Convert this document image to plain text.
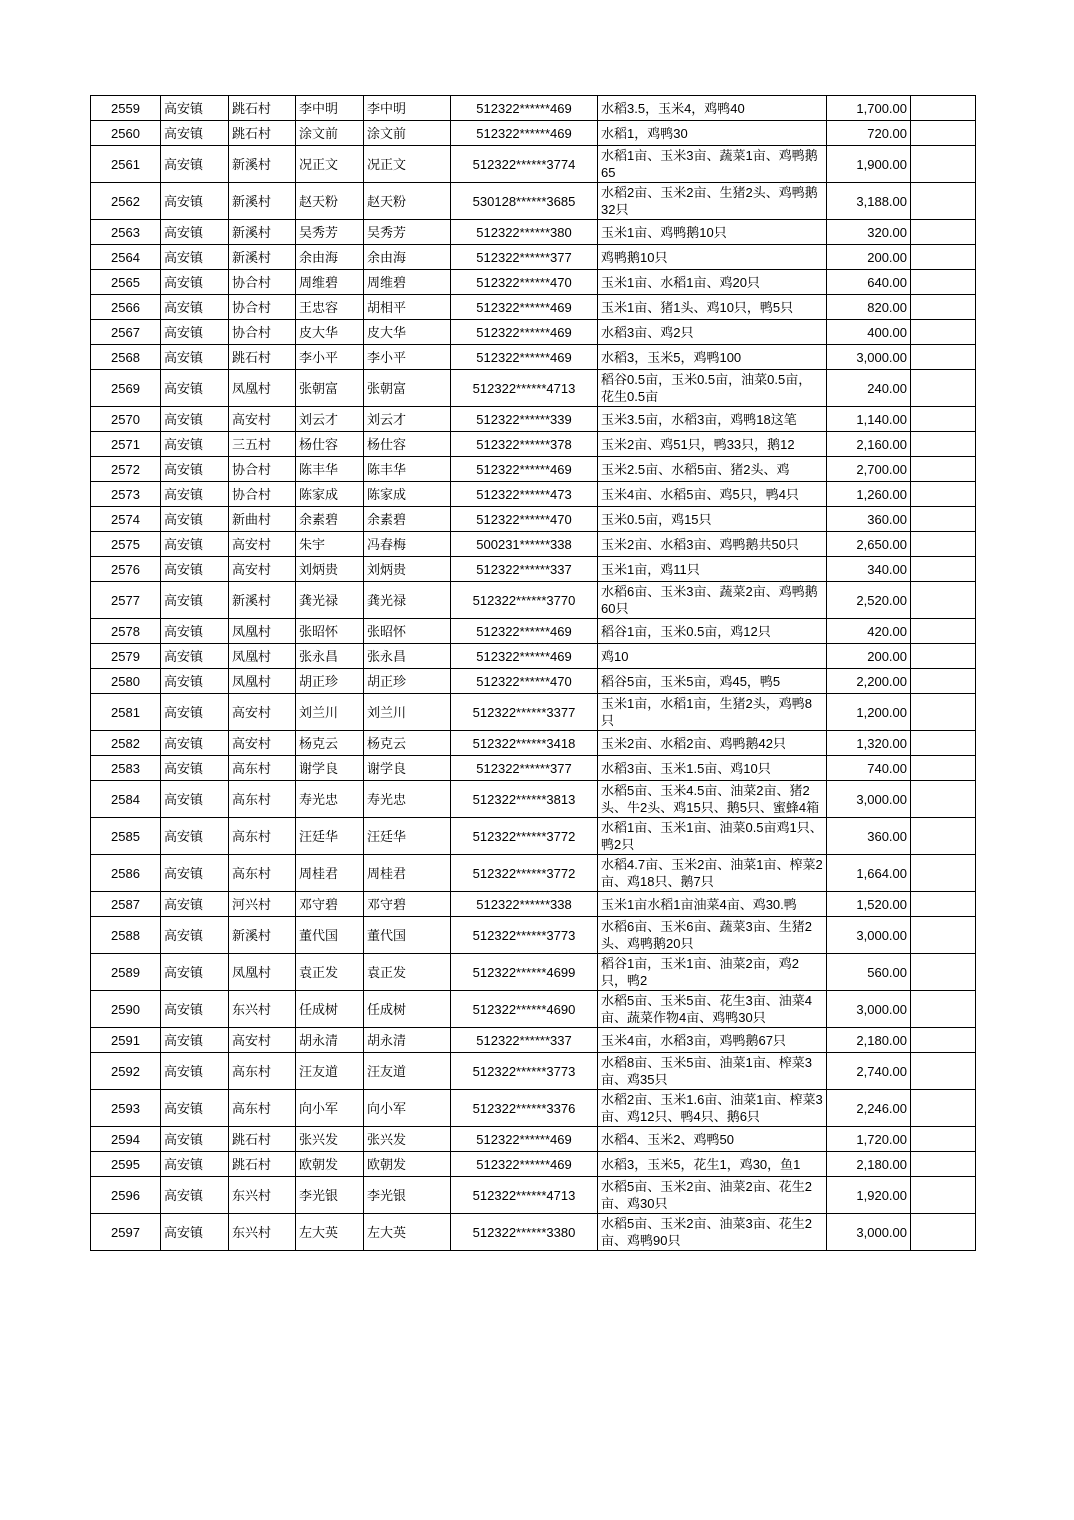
2559	高安镇	跳石村	李中明	李中明	512322******469	水稻3.5，玉米4，鸡鸭40	1,700.00	
2560	高安镇	跳石村	涂文前	涂文前	512322******469	水稻1，鸡鸭30	720.00	
2561	高安镇	新溪村	况正文	况正文	512322******3774	水稻1亩、玉米3亩、蔬菜1亩、鸡鸭鹅65	1,900.00	
2562	高安镇	新溪村	赵天粉	赵天粉	530128******3685	水稻2亩、玉米2亩、生猪2头、鸡鸭鹅32只	3,188.00	
2563	高安镇	新溪村	吴秀芳	吴秀芳	512322******380	玉米1亩、鸡鸭鹅10只	320.00	
2564	高安镇	新溪村	余由海	余由海	512322******377	鸡鸭鹅10只	200.00	
2565	高安镇	协合村	周维碧	周维碧	512322******470	玉米1亩、水稻1亩、鸡20只	640.00	
2566	高安镇	协合村	王忠容	胡相平	512322******469	玉米1亩、猪1头、鸡10只，鸭5只	820.00	
2567	高安镇	协合村	皮大华	皮大华	512322******469	水稻3亩、鸡2只	400.00	
2568	高安镇	跳石村	李小平	李小平	512322******469	水稻3，玉米5，鸡鸭100	3,000.00	
2569	高安镇	凤凰村	张朝富	张朝富	512322******4713	稻谷0.5亩，玉米0.5亩，油菜0.5亩，花生0.5亩	240.00	
2570	高安镇	高安村	刘云才	刘云才	512322******339	玉米3.5亩，水稻3亩，鸡鸭18这笔	1,140.00	
2571	高安镇	三五村	杨仕容	杨仕容	512322******378	玉米2亩、鸡51只，鸭33只，鹅12	2,160.00	
2572	高安镇	协合村	陈丰华	陈丰华	512322******469	玉米2.5亩、水稻5亩、猪2头、鸡	2,700.00	
2573	高安镇	协合村	陈家成	陈家成	512322******473	玉米4亩、水稻5亩、鸡5只，鸭4只	1,260.00	
2574	高安镇	新曲村	余素碧	余素碧	512322******470	玉米0.5亩，鸡15只	360.00	
2575	高安镇	高安村	朱宇	冯春梅	500231******338	玉米2亩、水稻3亩、鸡鸭鹅共50只	2,650.00	
2576	高安镇	高安村	刘炳贵	刘炳贵	512322******337	玉米1亩，鸡11只	340.00	
2577	高安镇	新溪村	龚光禄	龚光禄	512322******3770	水稻6亩、玉米3亩、蔬菜2亩、鸡鸭鹅60只	2,520.00	
2578	高安镇	凤凰村	张昭怀	张昭怀	512322******469	稻谷1亩，玉米0.5亩，鸡12只	420.00	
2579	高安镇	凤凰村	张永昌	张永昌	512322******469	鸡10	200.00	
2580	高安镇	凤凰村	胡正珍	胡正珍	512322******470	稻谷5亩，玉米5亩，鸡45，鸭5	2,200.00	
2581	高安镇	高安村	刘兰川	刘兰川	512322******3377	玉米1亩，水稻1亩，生猪2头，鸡鸭8只	1,200.00	
2582	高安镇	高安村	杨克云	杨克云	512322******3418	玉米2亩、水稻2亩、鸡鸭鹅42只	1,320.00	
2583	高安镇	高东村	谢学良	谢学良	512322******377	水稻3亩、玉米1.5亩、鸡10只	740.00	
2584	高安镇	高东村	寿光忠	寿光忠	512322******3813	水稻5亩、玉米4.5亩、油菜2亩、猪2头、牛2头、鸡15只、鹅5只、蜜蜂4箱	3,000.00	
2585	高安镇	高东村	汪廷华	汪廷华	512322******3772	水稻1亩、玉米1亩、油菜0.5亩鸡1只、鸭2只	360.00	
2586	高安镇	高东村	周桂君	周桂君	512322******3772	水稻4.7亩、玉米2亩、油菜1亩、榨菜2亩、鸡18只、鹅7只	1,664.00	
2587	高安镇	河兴村	邓守碧	邓守碧	512322******338	玉米1亩水稻1亩油菜4亩、鸡30.鸭	1,520.00	
2588	高安镇	新溪村	董代国	董代国	512322******3773	水稻6亩、玉米6亩、蔬菜3亩、生猪2头、鸡鸭鹅20只	3,000.00	
2589	高安镇	凤凰村	袁正发	袁正发	512322******4699	稻谷1亩，玉米1亩、油菜2亩，鸡2只，鸭2	560.00	
2590	高安镇	东兴村	任成树	任成树	512322******4690	水稻5亩、玉米5亩、花生3亩、油菜4亩、蔬菜作物4亩、鸡鸭30只	3,000.00	
2591	高安镇	高安村	胡永清	胡永清	512322******337	玉米4亩，水稻3亩，鸡鸭鹅67只	2,180.00	
2592	高安镇	高东村	汪友道	汪友道	512322******3773	水稻8亩、玉米5亩、油菜1亩、榨菜3亩、鸡35只	2,740.00	
2593	高安镇	高东村	向小军	向小军	512322******3376	水稻2亩、玉米1.6亩、油菜1亩、榨菜3亩、鸡12只、鸭4只、鹅6只	2,246.00	
2594	高安镇	跳石村	张兴发	张兴发	512322******469	水稻4、玉米2、鸡鸭50	1,720.00	
2595	高安镇	跳石村	欧朝发	欧朝发	512322******469	水稻3，玉米5，花生1，鸡30，鱼1	2,180.00	
2596	高安镇	东兴村	李光银	李光银	512322******4713	水稻5亩、玉米2亩、油菜2亩、花生2亩、鸡30只	1,920.00	
2597	高安镇	东兴村	左大英	左大英	512322******3380	水稻5亩、玉米2亩、油菜3亩、花生2亩、鸡鸭90只	3,000.00	
